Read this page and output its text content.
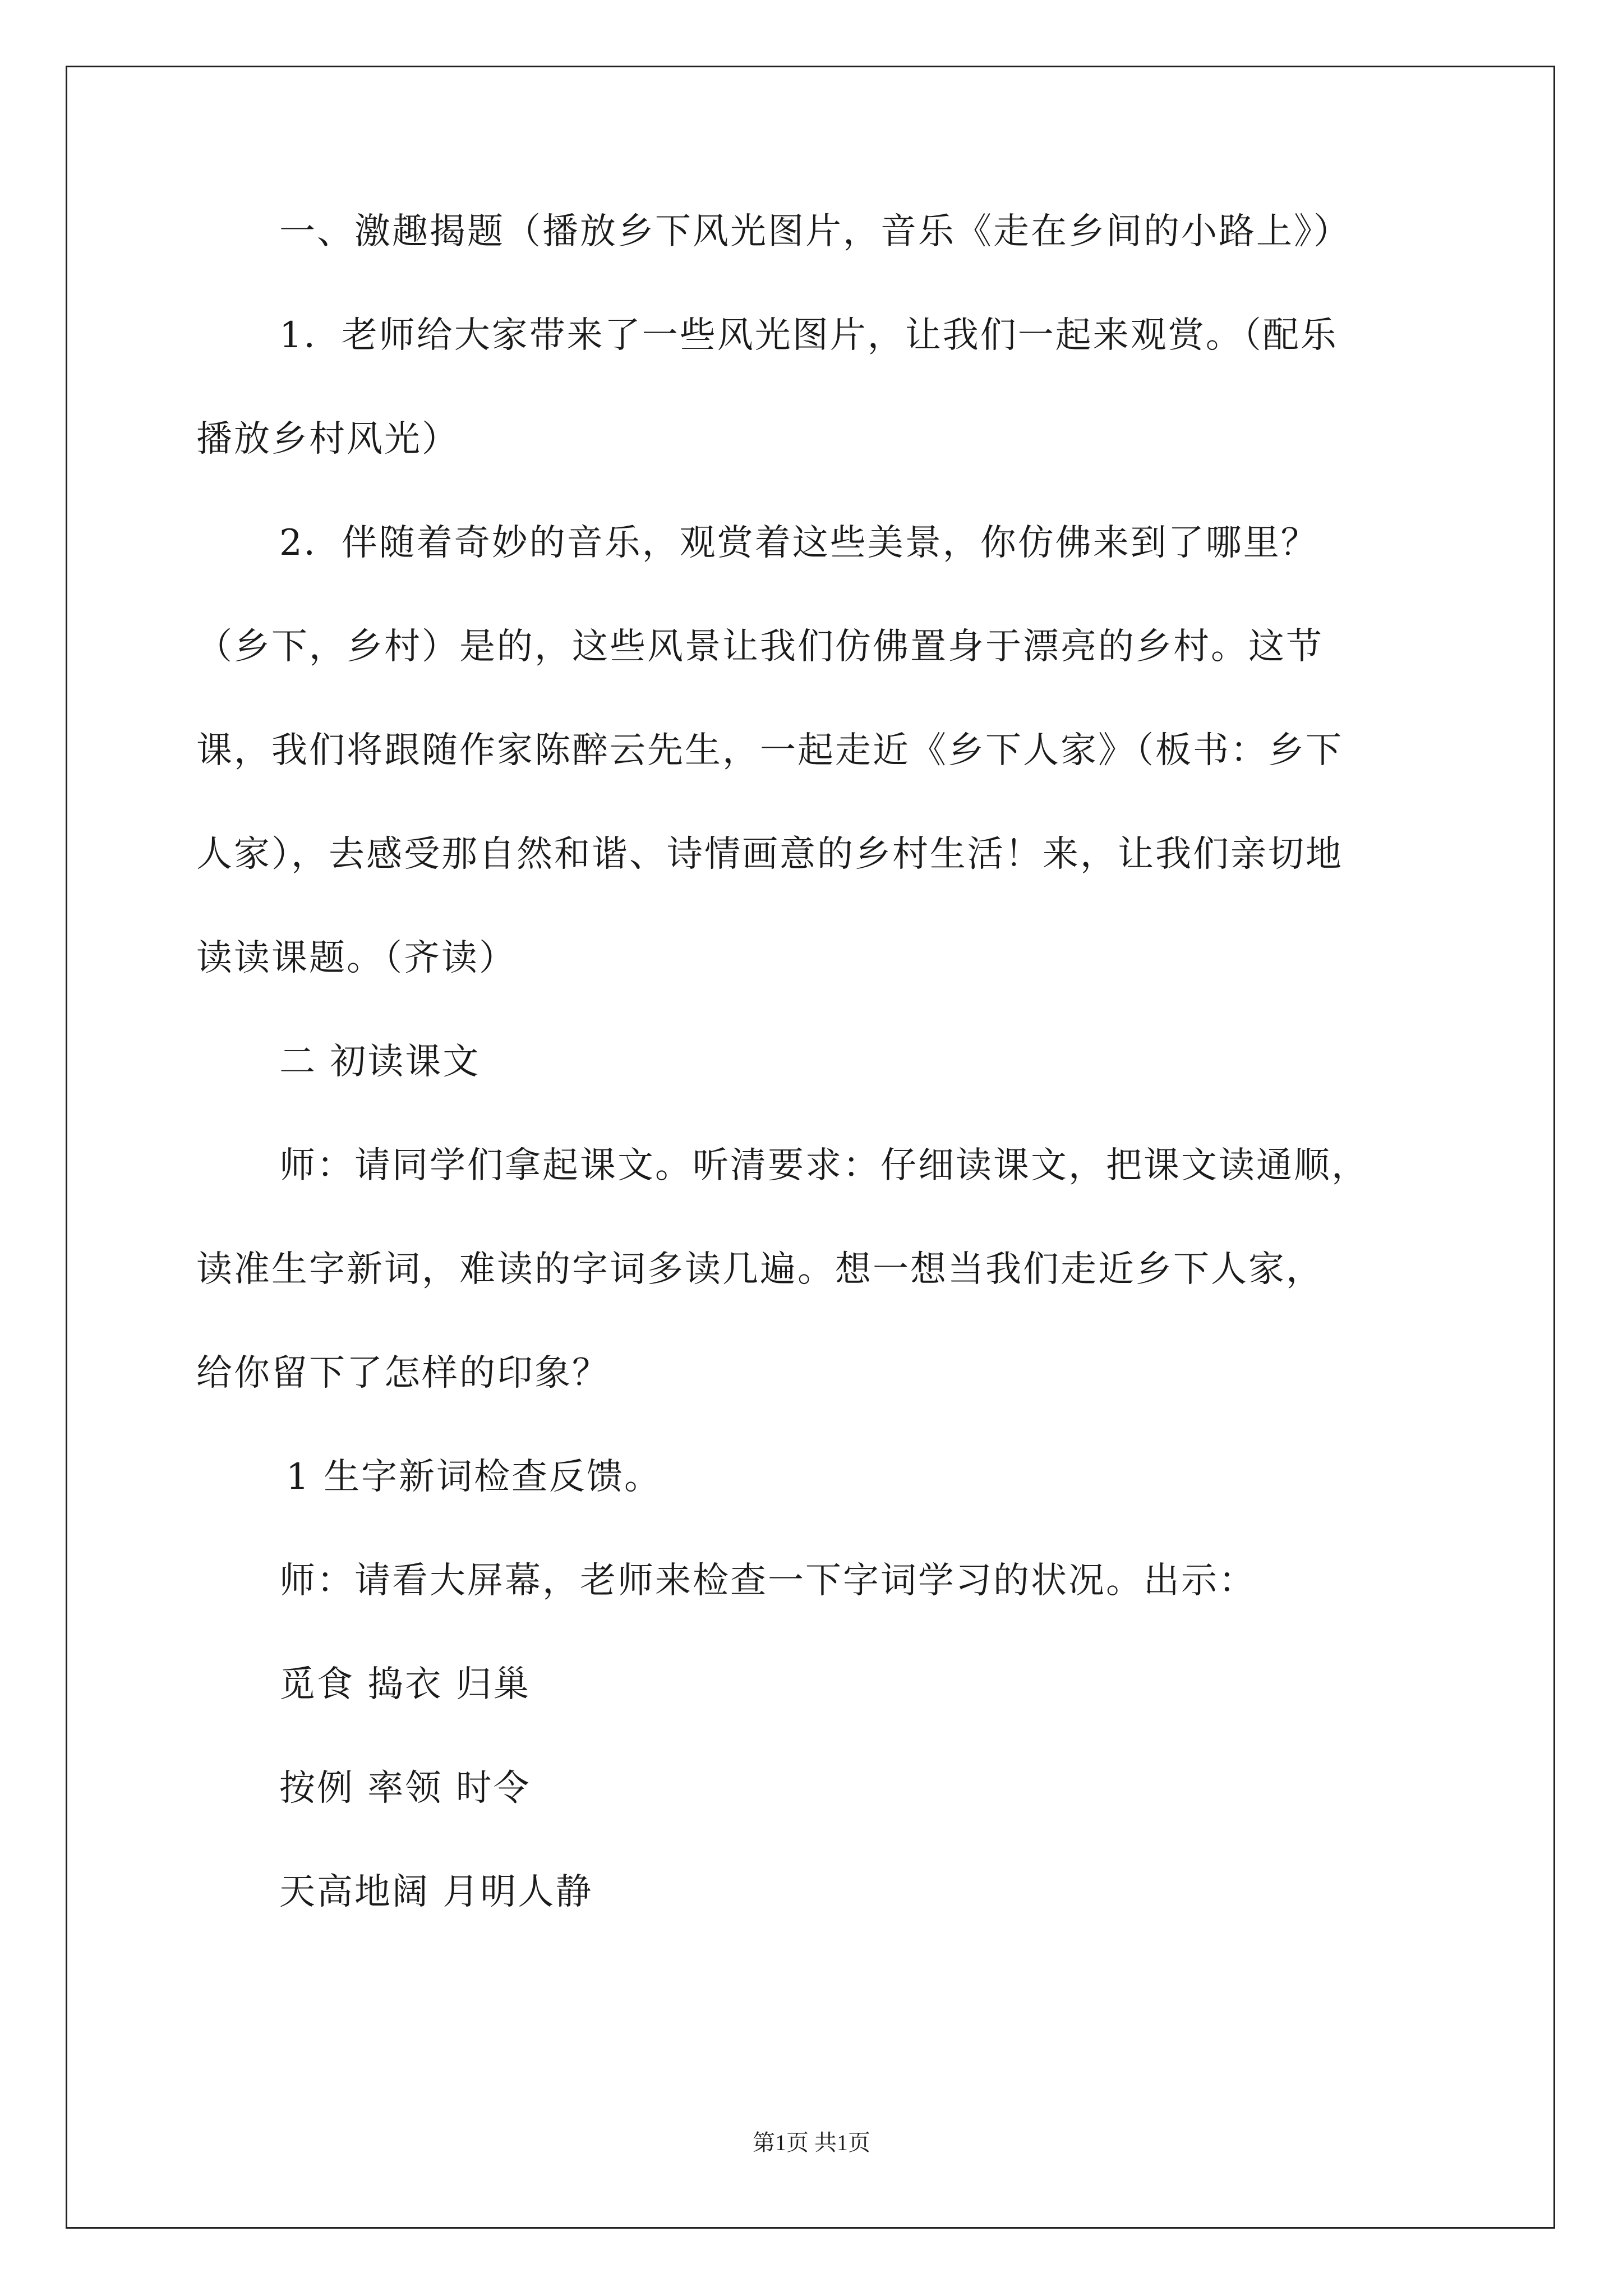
一、激趣揭题（播放乡下风光图片，音乐《走在乡间的小路上》）
1．老师给大家带来了一些风光图片，让我们一起来观赏。（配乐
播放乡村风光）
2．伴随着奇妙的音乐，观赏着这些美景，你仿佛来到了哪里？
（乡下，乡村）是的，这些风景让我们仿佛置身于漂亮的乡村。这节
课，我们将跟随作家陈醉云先生，一起走近《乡下人家》（板书：乡下
人家），去感受那自然和谐、诗情画意的乡村生活！来，让我们亲切地
读读课题。（齐读）
二 初读课文
师：请同学们拿起课文。听清要求：仔细读课文，把课文读通顺，
读准生字新词，难读的字词多读几遍。想一想当我们走近乡下人家，
给你留下了怎样的印象？
1 生字新词检查反馈。
师：请看大屏幕，老师来检查一下字词学习的状况。出示：
觅食 捣衣 归巢
按例 率领 时令
天高地阔 月明人静
第1页 共1页
